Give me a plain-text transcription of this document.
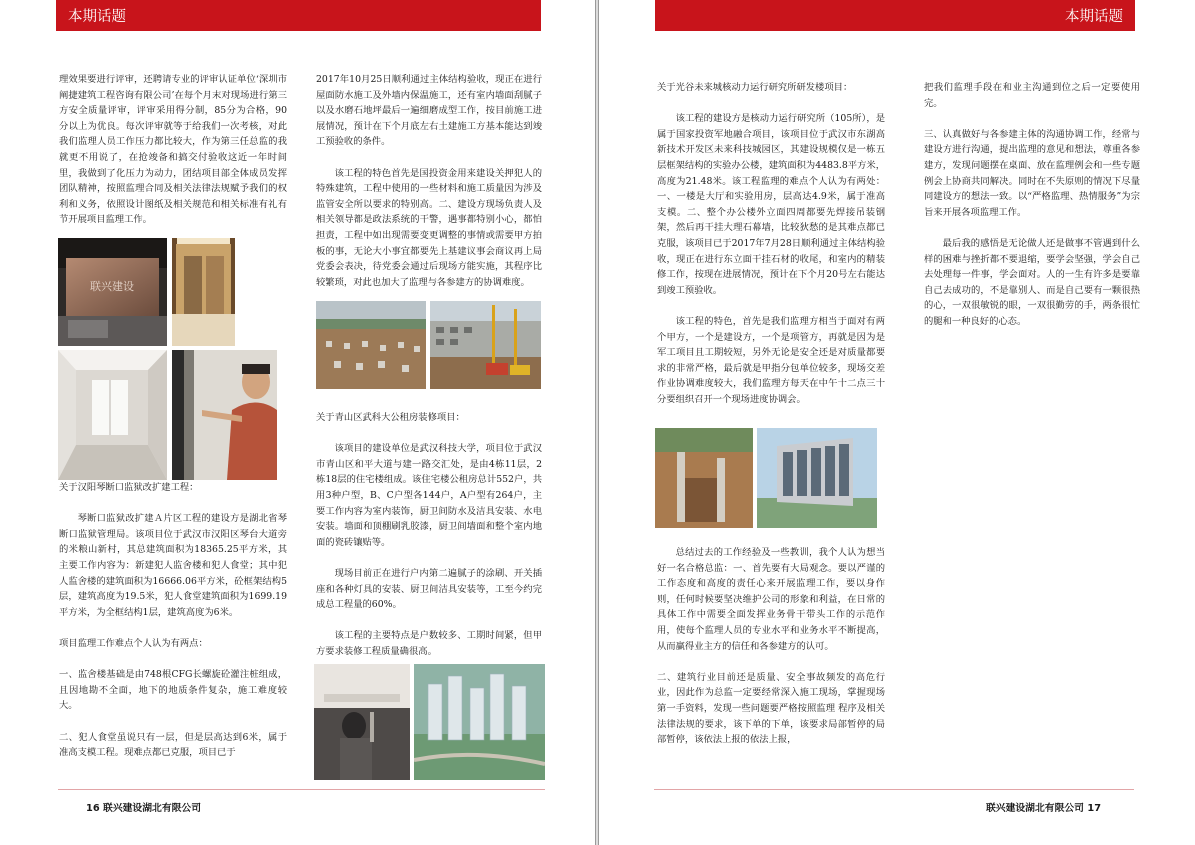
本期话题

理效果要进行评审，还聘请专业的评审认证单位‘深圳市阐捷建筑工程咨询有限公司’在每个月末对现场进行第三方安全质量评审，评审采用得分制，85分为合格，90分以上为优良。每次评审就等于给我们一次考核，对此我们监理人员工作压力都比较大，作为第三任总监的我就更不用说了，在抢竣备和搞交付验收这近一年时间里，我做到了化压力为动力，团结项目部全体成员发挥团队精神，按照监理合同及相关法律法规赋予我们的权利和义务，依照设计图纸及相关规范和相关标准有礼有节开展项目监理工作。

联兴建设

关于汉阳琴断口监狱改扩建工程：

琴断口监狱改扩建Ａ片区工程的建设方是湖北省琴断口监狱管理局。该项目位于武汉市汉阳区琴台大道旁的米粮山新村，其总建筑面积为18365.25平方米，其主要工作内容为：新建犯人监舍楼和犯人食堂；其中犯人监舍楼的建筑面积为16666.06平方米，砼框架结构5层，建筑高度为19.5米，犯人食堂建筑面积为1699.19平方米，为全框结构1层，建筑高度为6米。

项目监理工作难点个人认为有两点：

一、监舍楼基础是由748根CFG长螺旋砼灌注桩组成，且因地勘不全面，地下的地质条件复杂，施工难度较大。

二、犯人食堂虽说只有一层，但是层高达到6米，属于准高支模工程。现难点都已克服，项目已于

2017年10月25日顺利通过主体结构验收，现正在进行屋面防水施工及外墙内保温施工，还有室内墙面刮腻子以及水磨石地坪最后一遍细磨成型工作，按目前施工进展情况，预计在下个月底左右土建施工方基本能达到竣工预验收的条件。

该工程的特色首先是国投资金用来建设关押犯人的特殊建筑，工程中使用的一些材料和施工质量因为涉及监管安全所以要求的特别高。二、建设方现场负责人及相关领导都是政法系统的干警，遇事都特别小心，都怕担责，工程中如出现需要变更调整的事情或需要甲方拍板的事，无论大小事宜都要先上基建议事会商议再上局党委会表决，待党委会通过后现场方能实施，其程序比较繁琐，对此也加大了监理与各参建方的协调难度。

关于青山区武科大公租房装修项目：

该项目的建设单位是武汉科技大学，项目位于武汉市青山区和平大道与建一路交汇处，是由4栋11层，2栋18层的住宅楼组成。该住宅楼公租房总计552户，共用3种户型，B、C户型各144户，A户型有264户，主要工作内容为室内装饰，厨卫间防水及洁具安装、水电安装。墙面和顶棚刷乳胶漆，厨卫间墙面和整个室内地面的瓷砖镶贴等。

现场目前正在进行户内第二遍腻子的涂刷、开关插座和各种灯具的安装、厨卫间洁具安装等，工至今约完成总工程量的60%。

该工程的主要特点是户数较多、工期时间紧，但甲方要求装修工程质量确很高。

16 联兴建设湖北有限公司
本期话题

关于光谷未来城核动力运行研究所研发楼项目：

该工程的建设方是核动力运行研究所（105所），是属于国家投资军地融合项目，该项目位于武汉市东湖高新技术开发区未来科技城园区，其建设规模仅是一栋五层框架结构的实验办公楼，建筑面积为4483.8平方米，高度为21.48米。该工程监理的难点个人认为有两处：一、一楼是大厅和实验用房，层高达4.9米，属于准高支模。二、整个办公楼外立面四周都要先焊接吊装钢架，然后再干挂大理石幕墙，比较狄愁的是其难点都已克服，该项目已于2017年7月28日顺利通过主体结构验收，现正在进行东立面干挂石材的收尾，和室内的精装修工作，按现在进展情况，预计在下个月20号左右能达到竣工预验收。

该工程的特色，首先是我们监理方相当于面对有两个甲方，一个是建设方，一个是项管方，再就是因为是军工项目且工期较短，另外无论是安全还是对质量都要求的非常严格，最后就是甲指分包单位较多，现场交差作业协调难度较大，我们监理方每天在中午十二点三十分要组织召开一个现场进度协调会。

总结过去的工作经验及一些教训，我个人认为想当好一名合格总监：一、首先要有大局观念。要以严谨的工作态度和高度的责任心来开展监理工作，要以身作则，任何时候要坚决维护公司的形象和利益，在日常的具体工作中需要全面发挥业务骨干带头工作的示范作用，使每个监理人员的专业水平和业务水平不断提高，从而赢得业主方的信任和各参建方的认可。

二、建筑行业目前还是质量、安全事故频发的高危行业，因此作为总监一定要经常深入施工现场，掌握现场第一手资料，发现一些问题要严格按照监理 程序及相关法律法规的要求，该下单的下单，该要求局部暂停的局部暂停，该依法上报的依法上报，

把我们监理手段在和业主沟通到位之后一定要使用完。

三、认真做好与各参建主体的沟通协调工作，经常与建设方进行沟通，提出监理的意见和想法，尊重各参建方，发现问题摆在桌面、放在监理例会和一些专题例会上协商共同解决。同时在不失原则的情况下尽量同建设方的想法一致。以“严格监理、热情服务”为宗旨来开展各项监理工作。

最后我的感悟是无论做人还是做事不管遇到什么样的困难与挫折都不要退缩，要学会坚强，学会自己去处理每一件事，学会面对。人的一生有许多是要靠自己去成功的，不是靠别人、而是自己要有一颗很热的心，一双很敏锐的眼，一双很勤劳的手，两条很忙的腿和一种良好的心态。

联兴建设湖北有限公司 17
